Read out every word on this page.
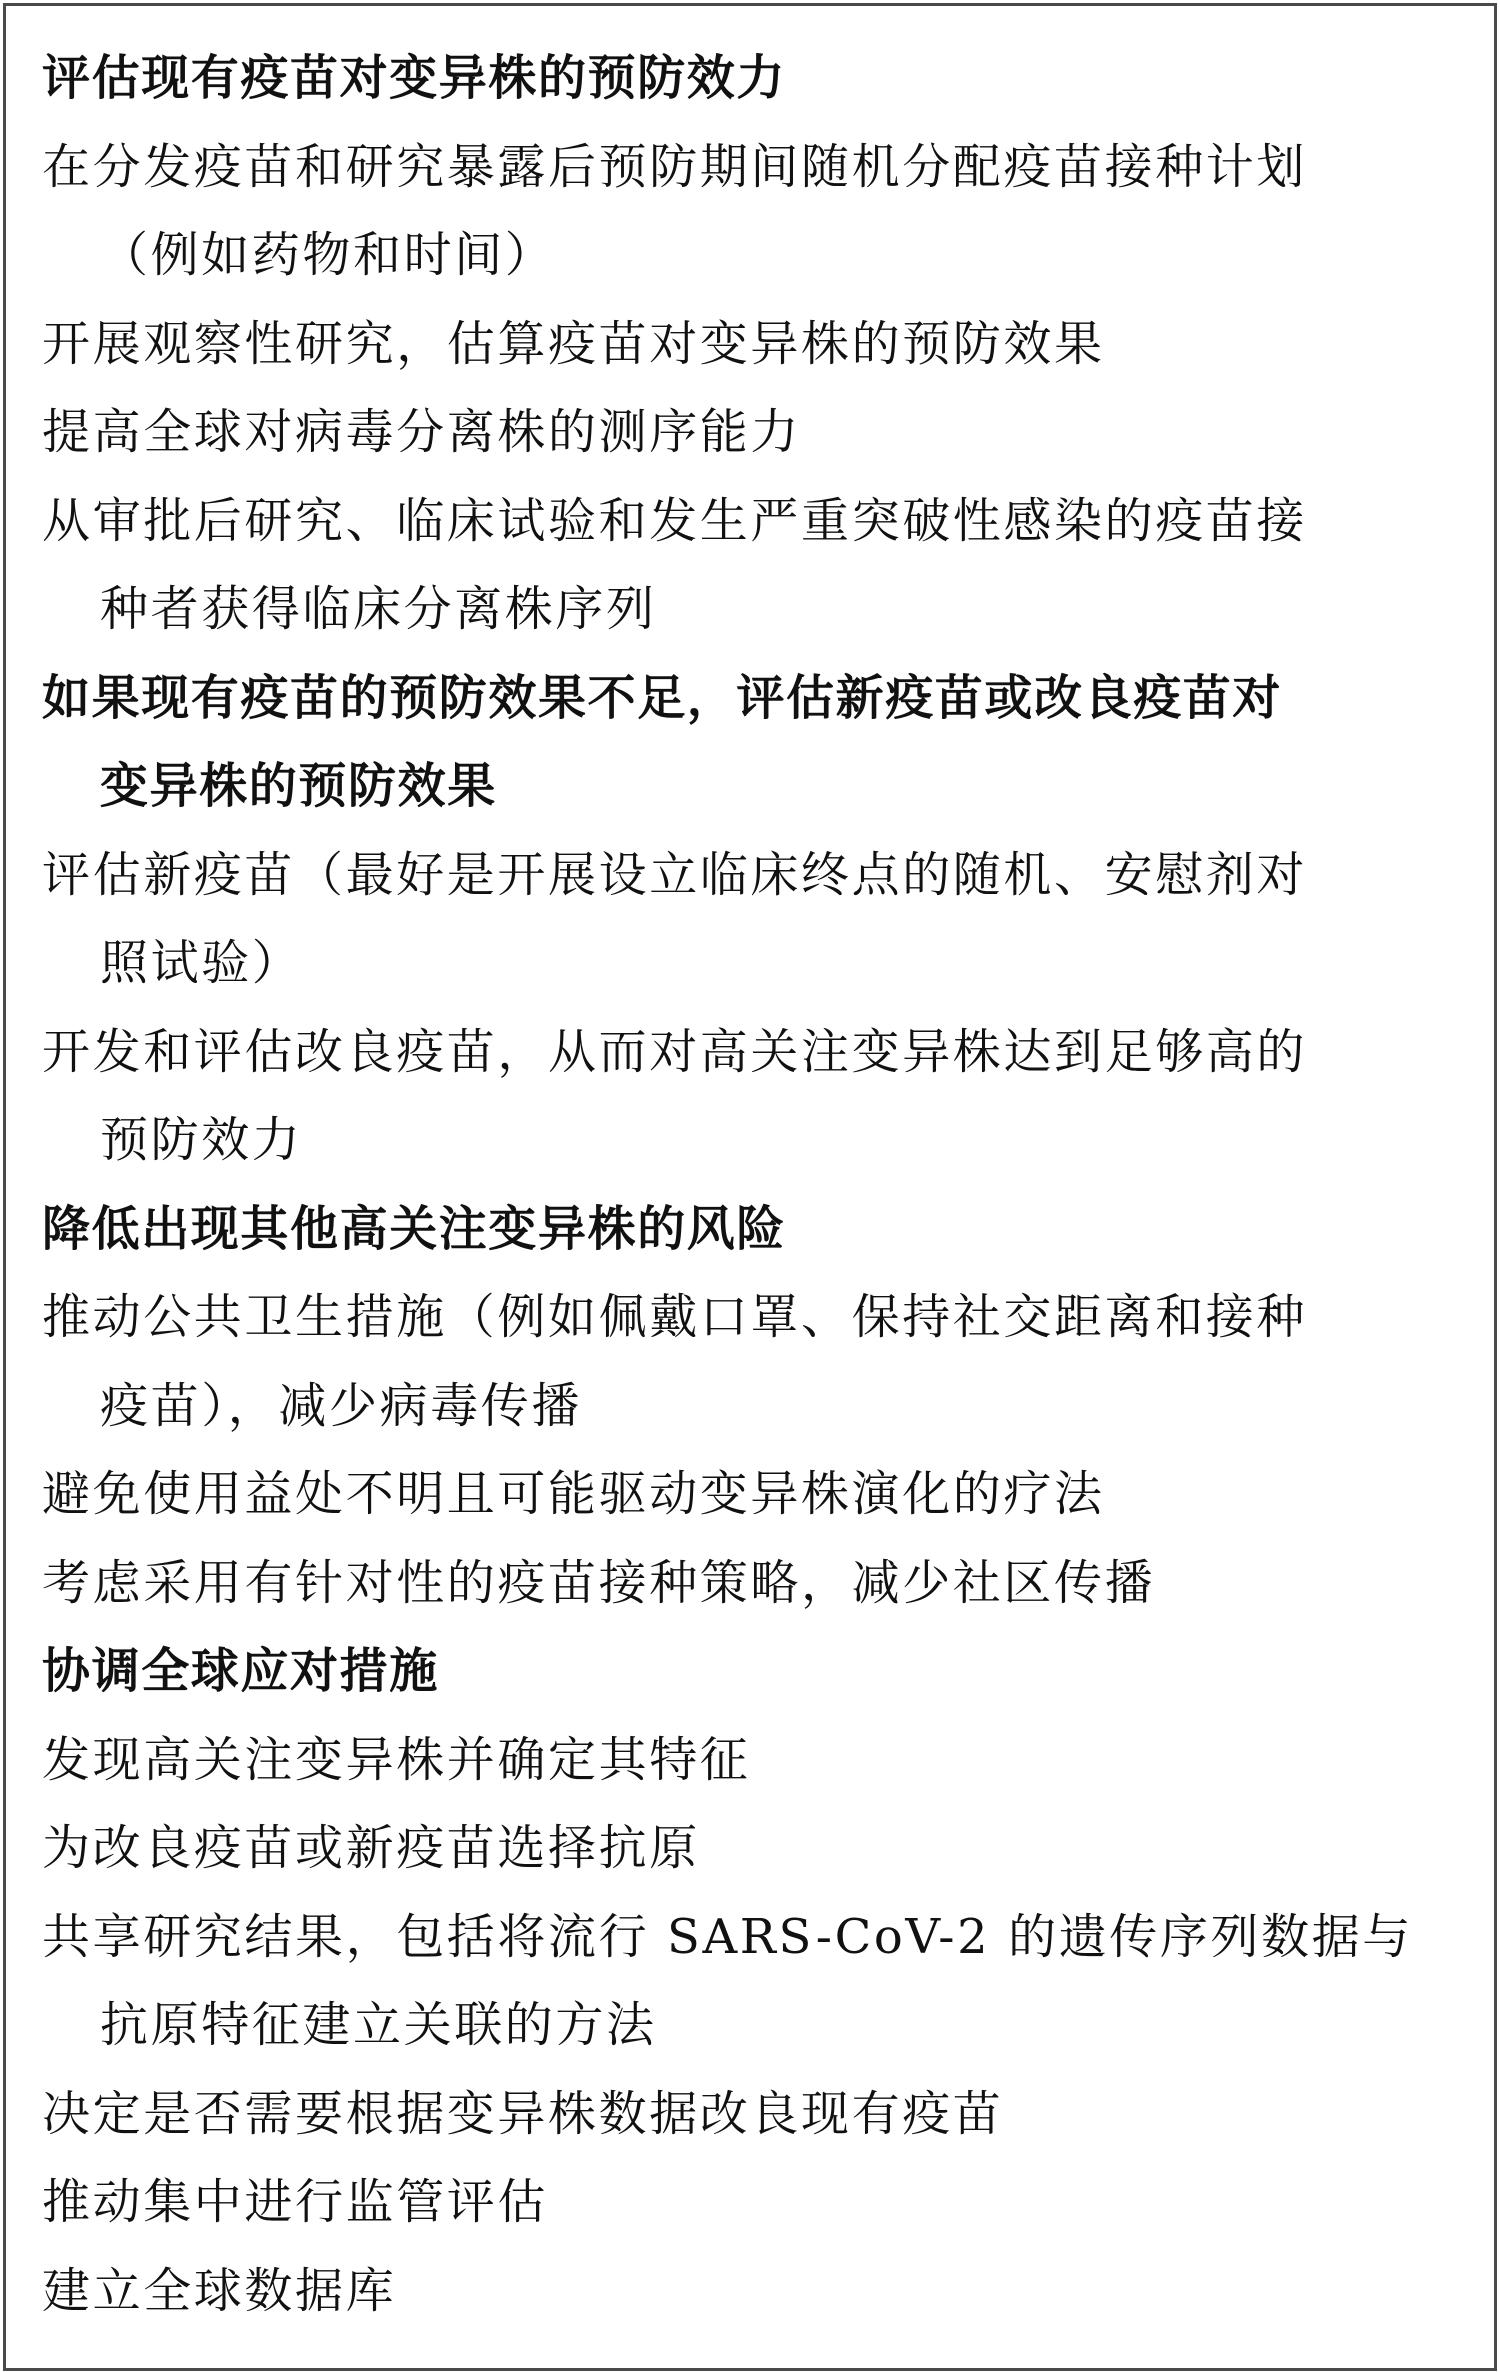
评估现有疫苗对变异株的预防效力
在分发疫苗和研究暴露后预防期间随机分配疫苗接种计划
（例如药物和时间）
开展观察性研究，估算疫苗对变异株的预防效果
提高全球对病毒分离株的测序能力
从审批后研究、临床试验和发生严重突破性感染的疫苗接
种者获得临床分离株序列
如果现有疫苗的预防效果不足，评估新疫苗或改良疫苗对
变异株的预防效果
评估新疫苗（最好是开展设立临床终点的随机、安慰剂对
照试验）
开发和评估改良疫苗，从而对高关注变异株达到足够高的
预防效力
降低出现其他高关注变异株的风险
推动公共卫生措施（例如佩戴口罩、保持社交距离和接种
疫苗），减少病毒传播
避免使用益处不明且可能驱动变异株演化的疗法
考虑采用有针对性的疫苗接种策略，减少社区传播
协调全球应对措施
发现高关注变异株并确定其特征
为改良疫苗或新疫苗选择抗原
共享研究结果，包括将流行 SARS-CoV-2 的遗传序列数据与
抗原特征建立关联的方法
决定是否需要根据变异株数据改良现有疫苗
推动集中进行监管评估
建立全球数据库
